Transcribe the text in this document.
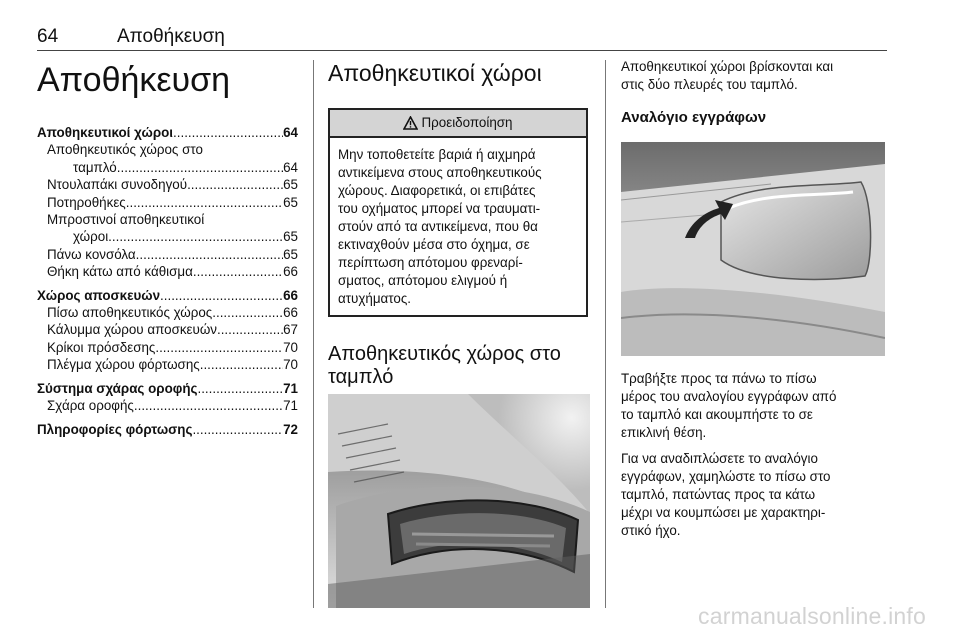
64	Αποθήκευση
Αποθήκευση
Αποθηκευτικοί χώροι .....	64
Αποθηκευτικός χώρος στο
ταμπλό .....	64
Ντουλαπάκι συνοδηγού .....	65
Ποτηροθήκες .....	65
Μπροστινοί αποθηκευτικοί
χώροι .....	65
Πάνω κονσόλα .....	65
Θήκη κάτω από κάθισμα .....	66
Χώρος αποσκευών .....	66
Πίσω αποθηκευτικός χώρος .....	66
Κάλυμμα χώρου αποσκευών .....	67
Κρίκοι πρόσδεσης .....	70
Πλέγμα χώρου φόρτωσης .....	70
Σύστημα σχάρας οροφής .....	71
Σχάρα οροφής .....	71
Πληροφορίες φόρτωσης .....	72
Αποθηκευτικοί χώροι
Προειδοποίηση
Μην τοποθετείτε βαριά ή αιχμηρά
αντικείμενα στους αποθηκευτικούς
χώρους. Διαφορετικά, οι επιβάτες
του οχήματος μπορεί να τραυματι-
στούν από τα αντικείμενα, που θα
εκτιναχθούν μέσα στο όχημα, σε
περίπτωση απότομου φρεναρί-
σματος, απότομου ελιγμού ή
ατυχήματος.
Αποθηκευτικός χώρος στο
ταμπλό

Αποθηκευτικοί χώροι βρίσκονται και
στις δύο πλευρές του ταμπλό.

Αναλόγιο εγγράφων

Τραβήξτε προς τα πάνω το πίσω
μέρος του αναλογίου εγγράφων από
το ταμπλό και ακουμπήστε το σε
επικλινή θέση.

Για να αναδιπλώσετε το αναλόγιο
εγγράφων, χαμηλώστε το πίσω στο
ταμπλό, πατώντας προς τα κάτω
μέχρι να κουμπώσει με χαρακτηρι-
στικό ήχο.

carmanualsonline.info
